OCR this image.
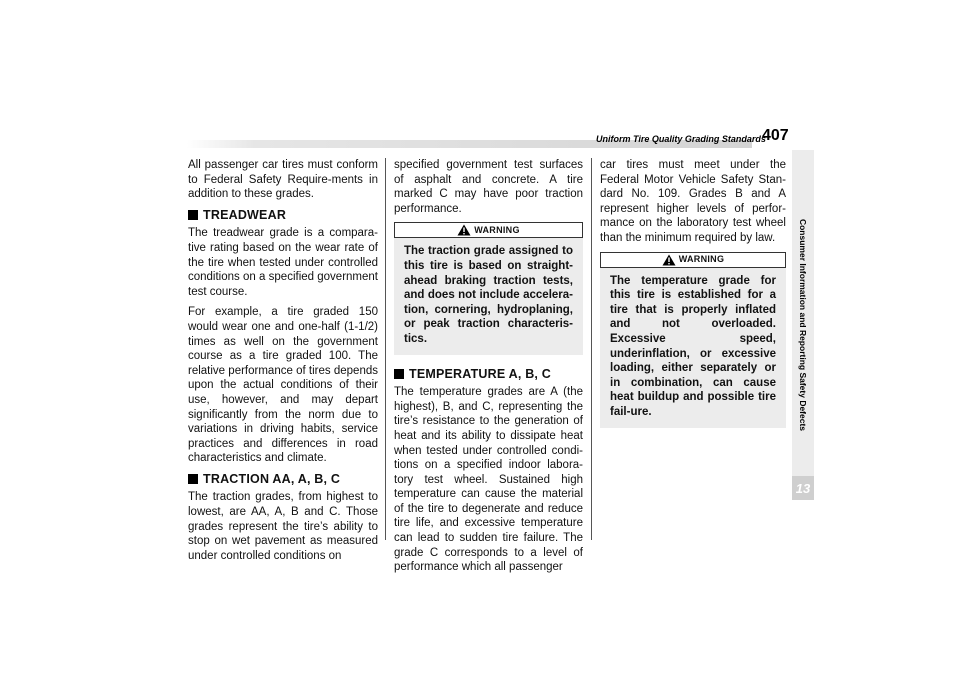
Uniform Tire Quality Grading Standards
407
Consumer Information and Reporting Safety Defects
13

All passenger car tires must conform to Federal Safety Require-ments in addition to these grades.

TREADWEAR

The treadwear grade is a compara-tive rating based on the wear rate of the tire when tested under controlled conditions on a specified government test course.

For example, a tire graded 150 would wear one and one-half (1-1/2) times as well on the government course as a tire graded 100. The relative performance of tires depends upon the actual conditions of their use, however, and may depart significantly from the norm due to variations in driving habits, service practices and differences in road characteristics and climate.

TRACTION AA, A, B, C

The traction grades, from highest to lowest, are AA, A, B and C. Those grades represent the tire’s ability to stop on wet pavement as measured under controlled conditions on

specified government test surfaces of asphalt and concrete. A tire marked C may have poor traction performance.

WARNING
The traction grade assigned to this tire is based on straight-ahead braking traction tests, and does not include accelera-tion, cornering, hydroplaning, or peak traction characteris-tics.
TEMPERATURE A, B, C

The temperature grades are A (the highest), B, and C, representing the tire’s resistance to the generation of heat and its ability to dissipate heat when tested under controlled condi-tions on a specified indoor labora-tory test wheel. Sustained high temperature can cause the material of the tire to degenerate and reduce tire life, and excessive temperature can lead to sudden tire failure. The grade C corresponds to a level of performance which all passenger

car tires must meet under the Federal Motor Vehicle Safety Stan-dard No. 109. Grades B and A represent higher levels of perfor-mance on the laboratory test wheel than the minimum required by law.

WARNING
The temperature grade for this tire is established for a tire that is properly inflated and not overloaded. Excessive speed, underinflation, or excessive loading, either separately or in combination, can cause heat buildup and possible tire fail-ure.
